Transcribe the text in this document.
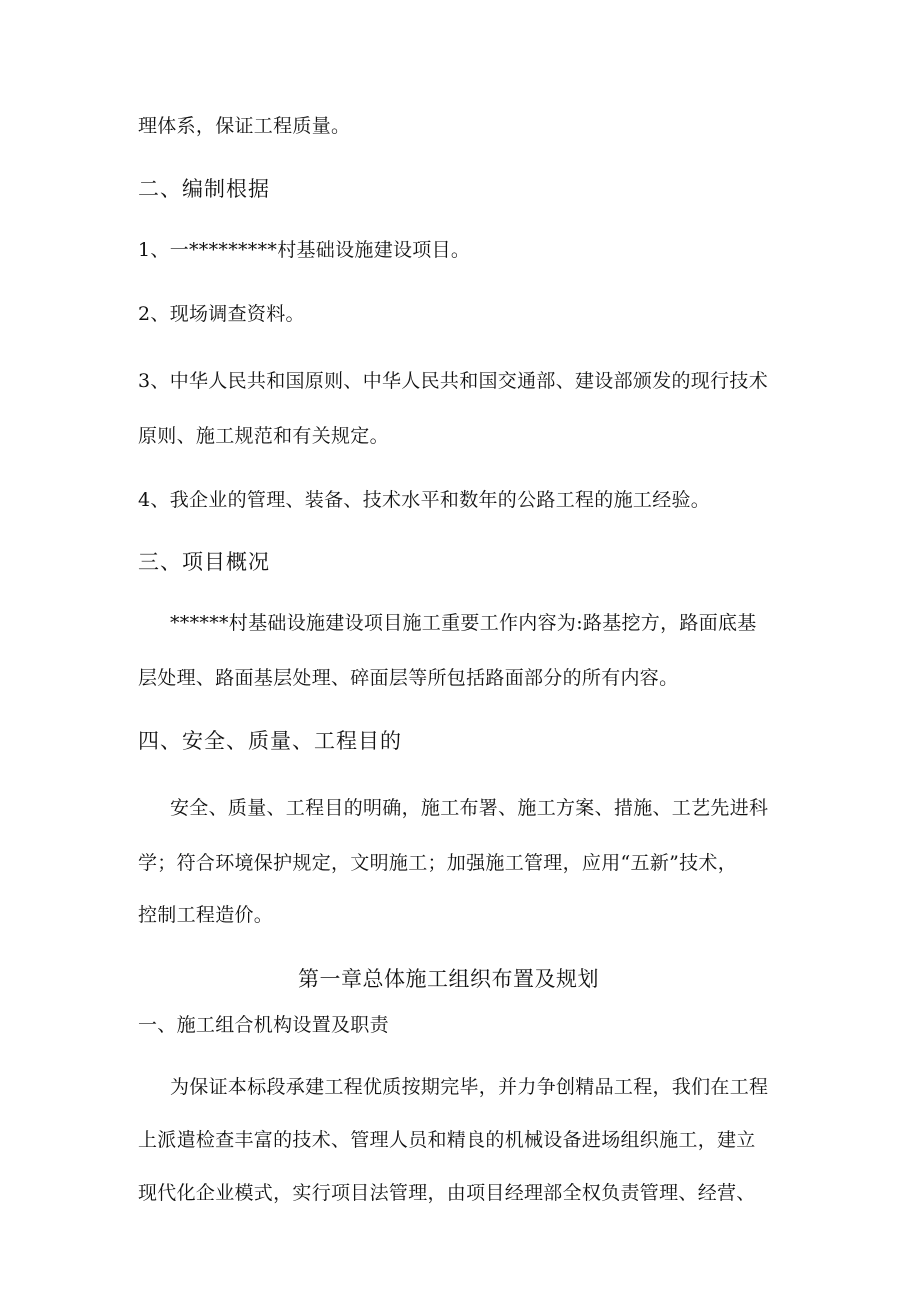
理体系，保证工程质量。
二、编制根据
1、一*********村基础设施建设项目。
2、现场调查资料。
3、中华人民共和国原则、中华人民共和国交通部、建设部颁发的现行技术
原则、施工规范和有关规定。
4、我企业的管理、装备、技术水平和数年的公路工程的施工经验。
三、项目概况
******村基础设施建设项目施工重要工作内容为:路基挖方，路面底基
层处理、路面基层处理、碎面层等所包括路面部分的所有内容。
四、安全、质量、工程目的
安全、质量、工程目的明确，施工布署、施工方案、措施、工艺先进科
学；符合环境保护规定，文明施工；加强施工管理，应用“五新”技术，
控制工程造价。
第一章总体施工组织布置及规划
一、施工组合机构设置及职责
为保证本标段承建工程优质按期完毕，并力争创精品工程，我们在工程
上派遣检查丰富的技术、管理人员和精良的机械设备进场组织施工，建立
现代化企业模式，实行项目法管理，由项目经理部全权负责管理、经营、
